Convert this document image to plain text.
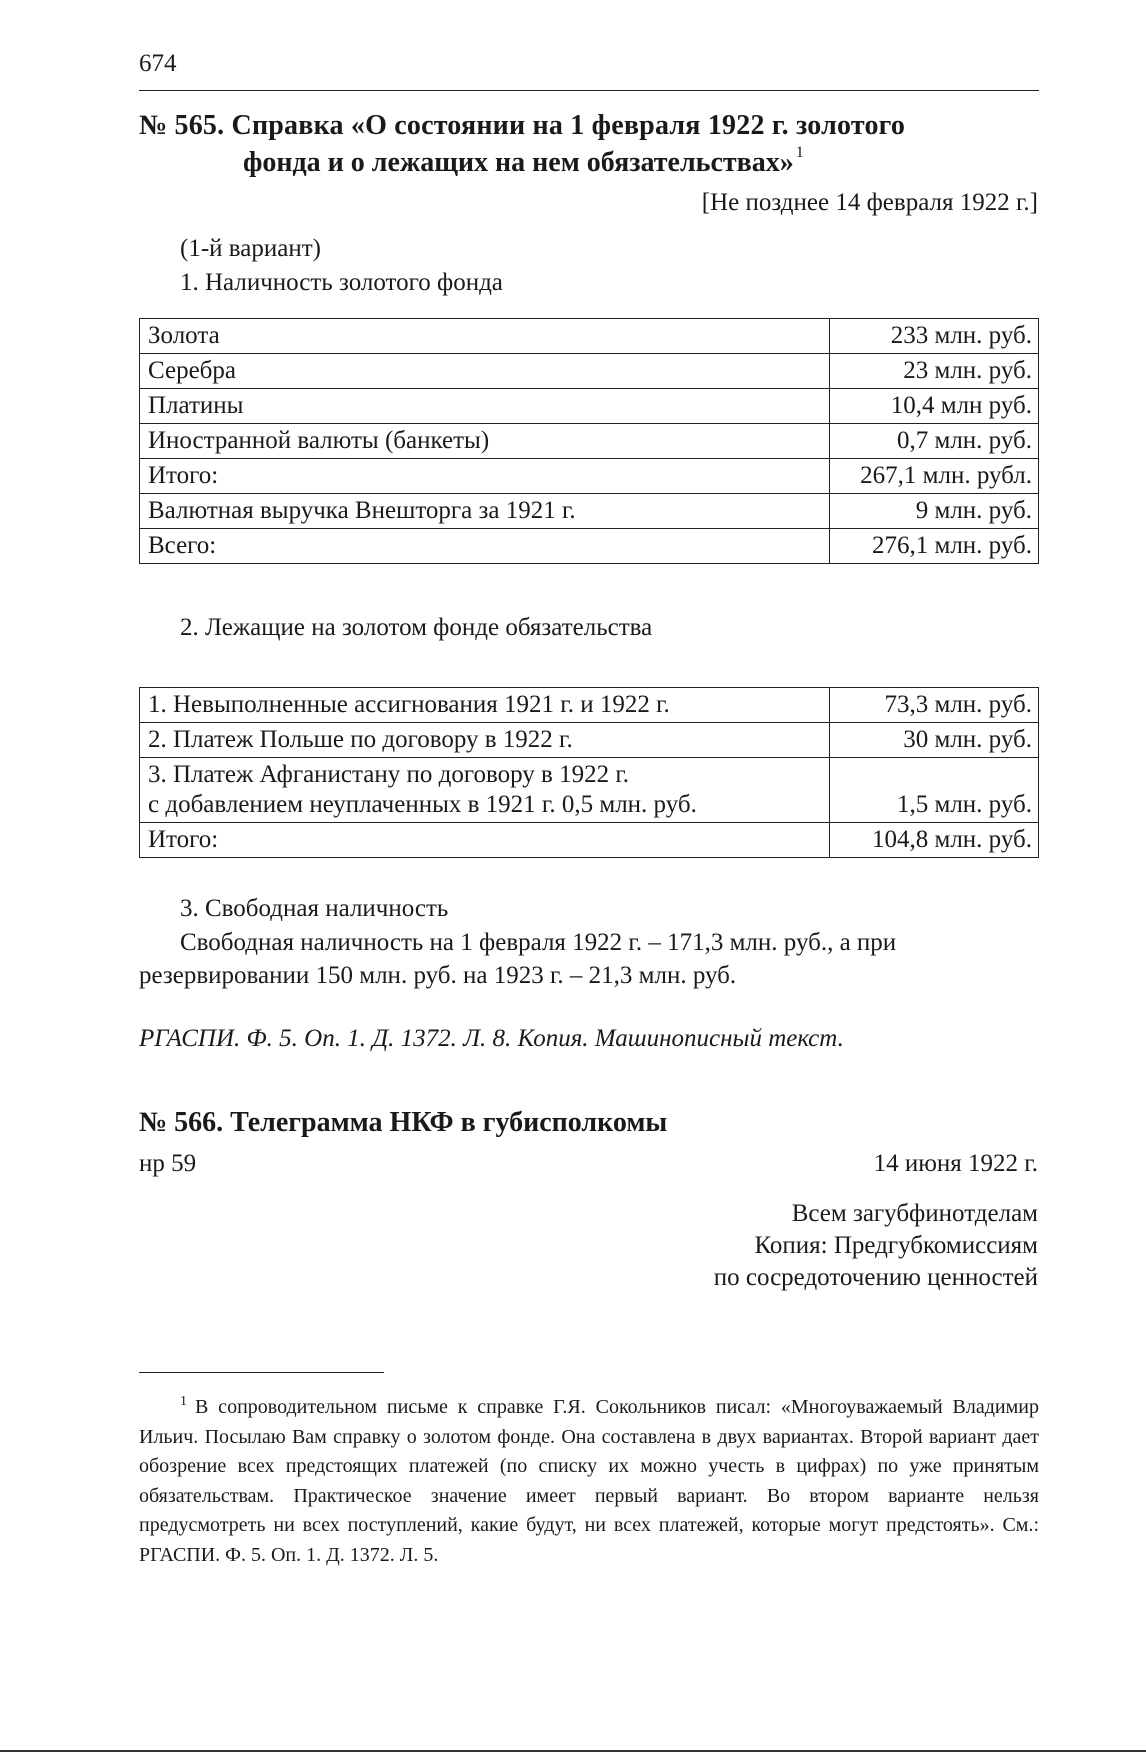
674
№ 565. Справка «О состоянии на 1 февраля 1922 г. золотого
фонда и о лежащих на нем обязательствах» $^1$
[Не позднее 14 февраля 1922 г.]
(1-й вариант)
1. Наличность золотого фонда
Золота	233 млн. руб.
Серебра	23 млн. руб.
Платины	10,4 млн руб.
Иностранной валюты (банкеты)	0,7 млн. руб.
Итого:	267,1 млн. рубл.
Валютная выручка Внешторга за 1921 г.	9 млн. руб.
Всего:	276,1 млн. руб.
2. Лежащие на золотом фонде обязательства
1. Невыполненные ассигнования 1921 г. и 1922 г.	73,3 млн. руб.

2. Платеж Польше по договору в 1922 г.	30 млн. руб.

3. Платеж Афганистану по договору в 1922 г.
с добавлением неуплаченных в 1921 г. 0,5 млн. руб.	1,5 млн. руб.

Итого:	104,8 млн. руб.
3. Свободная наличность
Свободная наличность на 1 февраля 1922 г. – 171,3 млн. руб., а при
резервировании 150 млн. руб. на 1923 г. – 21,3 млн. руб.
РГАСПИ. Ф. 5. Оп. 1. Д. 1372. Л. 8. Копия. Машинописный текст.
№ 566. Телеграмма НКФ в губисполкомы
нр 59	14 июня 1922 г.
Всем загубфинотделам
Копия: Предгубкомиссиям
по сосредоточению ценностей
$^1$ В сопроводительном письме к справке Г.Я. Сокольников писал: «Многоуважаемый Владимир Ильич. Посылаю Вам справку о золотом фонде. Она составлена в двух вариантах. Второй вариант дает обозрение всех предстоящих платежей (по списку их можно учесть в цифрах) по уже принятым обязательствам. Практическое значение имеет первый вариант. Во втором варианте нельзя предусмотреть ни всех поступлений, какие будут, ни всех платежей, которые могут предстоять». См.: РГАСПИ. Ф. 5. Оп. 1. Д. 1372. Л. 5.
